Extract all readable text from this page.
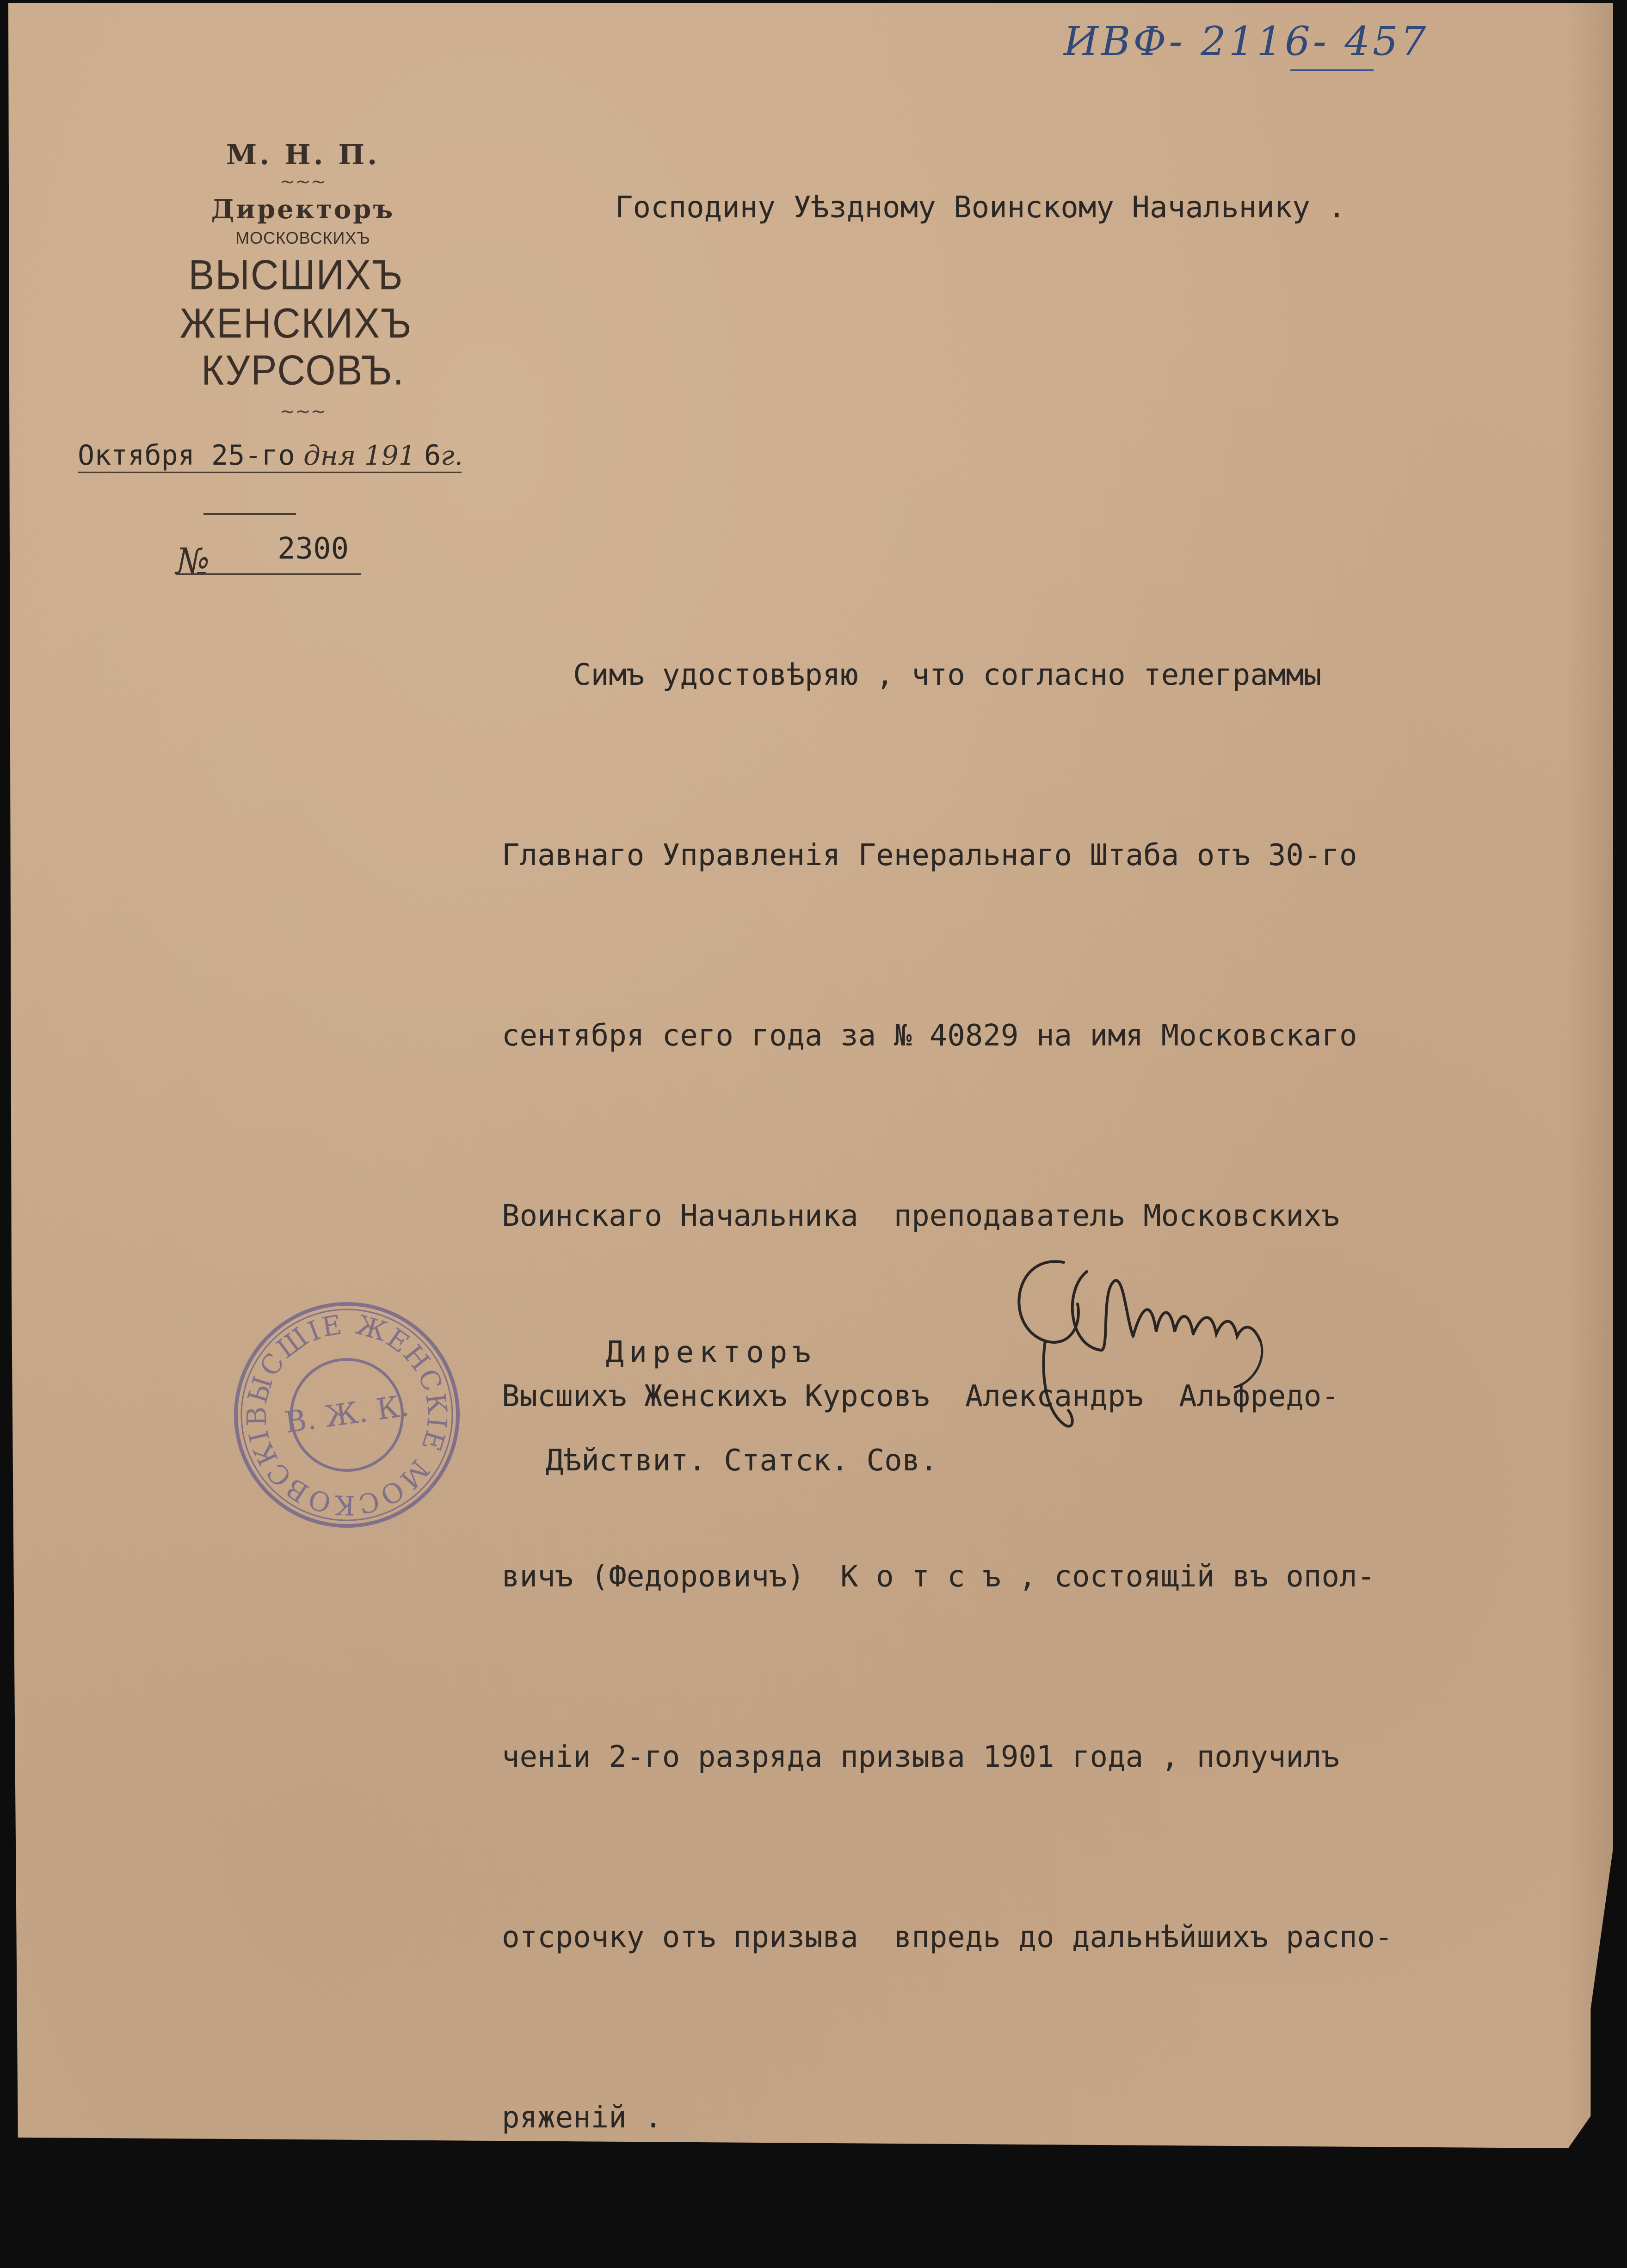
ИВФ- 2116- 457
М. Н. П.
~~~
Директоръ
МОСКОВСКИХЪ
ВЫСШИХЪ ЖЕНСКИХЪ
КУРСОВЪ.
~~~
Октября 25-го дня 191 6г.
№ 2300
Господину Уѣздному Воинскому Начальнику .

Симъ удостовѣряю , что согласно телеграммы

Главнаго Управленія Генеральнаго Штаба отъ 30-го

сентября сего года за № 40829 на имя Московскаго

Воинскаго Начальника  преподаватель Московскихъ

Высшихъ Женскихъ Курсовъ  Александръ  Альфредо-

вичъ (Федоровичъ)  К о т с ъ , состоящій въ опол-

ченіи 2-го разряда призыва 1901 года , получилъ

отсрочку отъ призыва  впредь до дальнѣйшихъ распо-

ряженій .

Директоръ

Дѣйствит. Статск. Сов.

ВЫСШІЕ ЖЕНСКІЕ МОСКОВСКІЕ
В. Ж. К.
